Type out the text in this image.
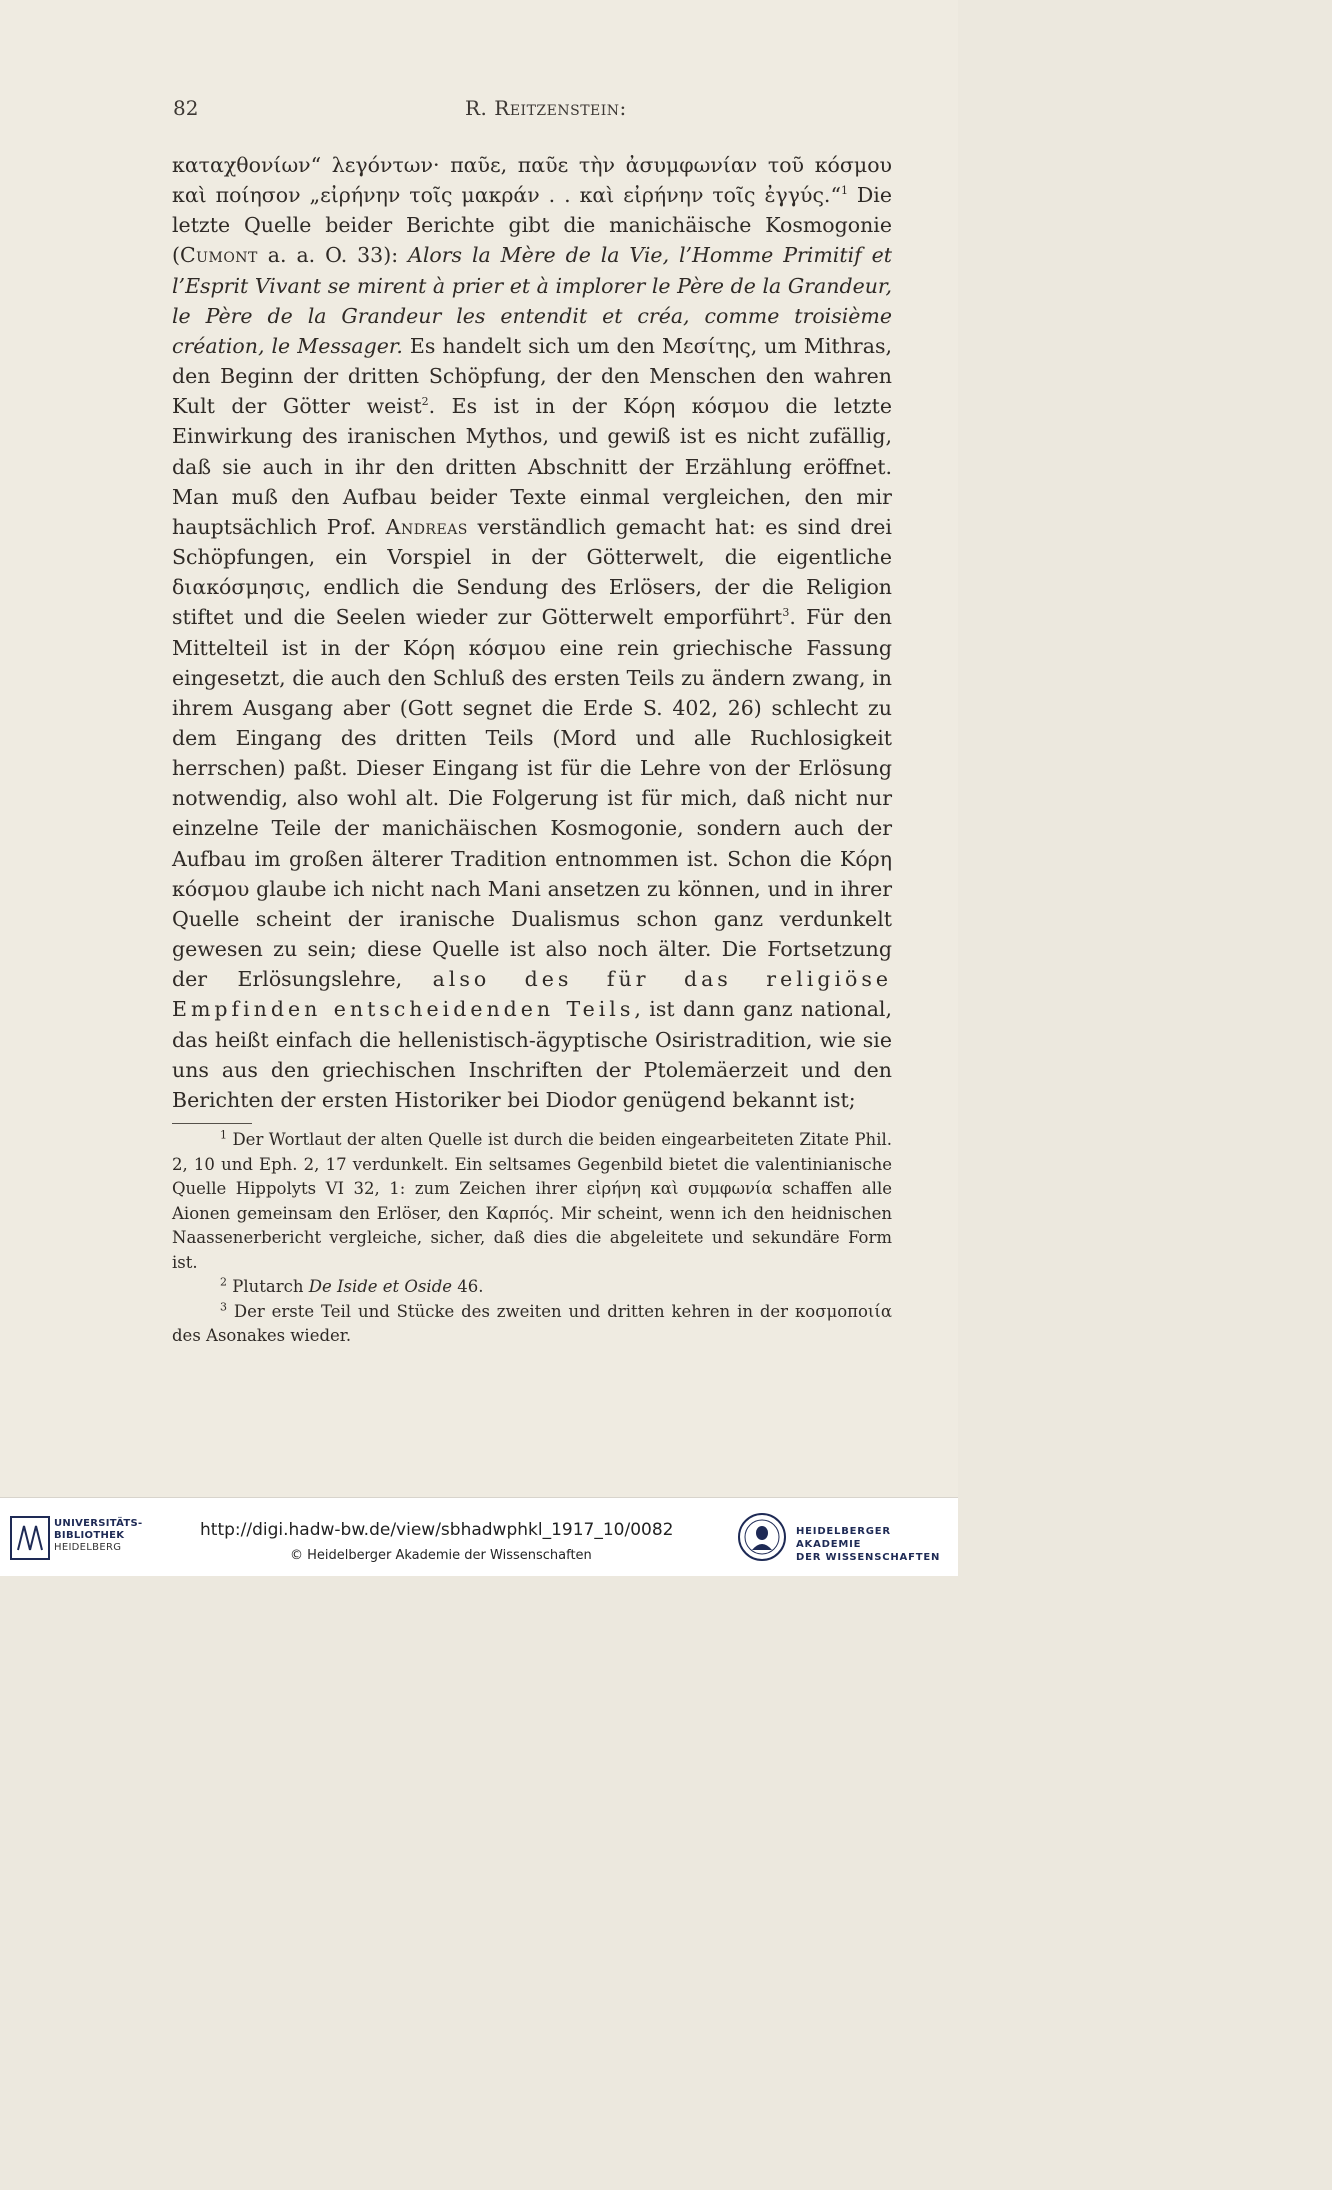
82	R. Reitzenstein:

καταχθονίων“ λεγόντων· παῦε, παῦε τὴν ἀσυμφωνίαν τοῦ κόσμου καὶ ποίησον „εἰρήνην τοῖς μακράν . . καὶ εἰρήνην τοῖς ἐγγύς.“$^1$ Die letzte Quelle beider Berichte gibt die manichäische Kosmogonie (Cumont a. a. O. 33): Alors la Mère de la Vie, l’Homme Primitif et l’Esprit Vivant se mirent à prier et à implorer le Père de la Grandeur, le Père de la Grandeur les entendit et créa, comme troisième création, le Messager. Es handelt sich um den Μεσίτης, um Mithras, den Beginn der dritten Schöpfung, der den Menschen den wahren Kult der Götter weist$^2$. Es ist in der Κόρη κόσμου die letzte Einwirkung des iranischen Mythos, und gewiß ist es nicht zufällig, daß sie auch in ihr den dritten Abschnitt der Erzählung eröffnet. Man muß den Aufbau beider Texte einmal vergleichen, den mir hauptsächlich Prof. Andreas verständlich gemacht hat: es sind drei Schöpfungen, ein Vorspiel in der Götterwelt, die eigentliche διακόσμησις, endlich die Sendung des Erlösers, der die Religion stiftet und die Seelen wieder zur Götterwelt emporführt$^3$. Für den Mittelteil ist in der Κόρη κόσμου eine rein griechische Fassung eingesetzt, die auch den Schluß des ersten Teils zu ändern zwang, in ihrem Ausgang aber (Gott segnet die Erde S. 402, 26) schlecht zu dem Eingang des dritten Teils (Mord und alle Ruchlosigkeit herrschen) paßt. Dieser Eingang ist für die Lehre von der Erlösung notwendig, also wohl alt. Die Folgerung ist für mich, daß nicht nur einzelne Teile der manichäischen Kosmogonie, sondern auch der Aufbau im großen älterer Tradition entnommen ist. Schon die Κόρη κόσμου glaube ich nicht nach Mani ansetzen zu können, und in ihrer Quelle scheint der iranische Dualismus schon ganz verdunkelt gewesen zu sein; diese Quelle ist also noch älter. Die Fortsetzung der Erlösungslehre, also des für das religiöse Empfinden entscheidenden Teils, ist dann ganz national, das heißt einfach die hellenistisch-ägyptische Osiristradition, wie sie uns aus den griechischen Inschriften der Ptolemäerzeit und den Berichten der ersten Historiker bei Diodor genügend bekannt ist;

$^1$ Der Wortlaut der alten Quelle ist durch die beiden eingearbeiteten Zitate Phil. 2, 10 und Eph. 2, 17 verdunkelt. Ein seltsames Gegenbild bietet die valentinianische Quelle Hippolyts VI 32, 1: zum Zeichen ihrer εἰρήνη καὶ συμφωνία schaffen alle Aionen gemeinsam den Erlöser, den Καρπός. Mir scheint, wenn ich den heidnischen Naassenerbericht vergleiche, sicher, daß dies die abgeleitete und sekundäre Form ist.

$^2$ Plutarch De Iside et Oside 46.

$^3$ Der erste Teil und Stücke des zweiten und dritten kehren in der κοσμοποιία des Asonakes wieder.

UNIVERSITÄTS-
BIBLIOTHEK
HEIDELBERG
http://digi.hadw-bw.de/view/sbhadwphkl_1917_10/0082
© Heidelberger Akademie der Wissenschaften
HEIDELBERGER AKADEMIE
DER WISSENSCHAFTEN
